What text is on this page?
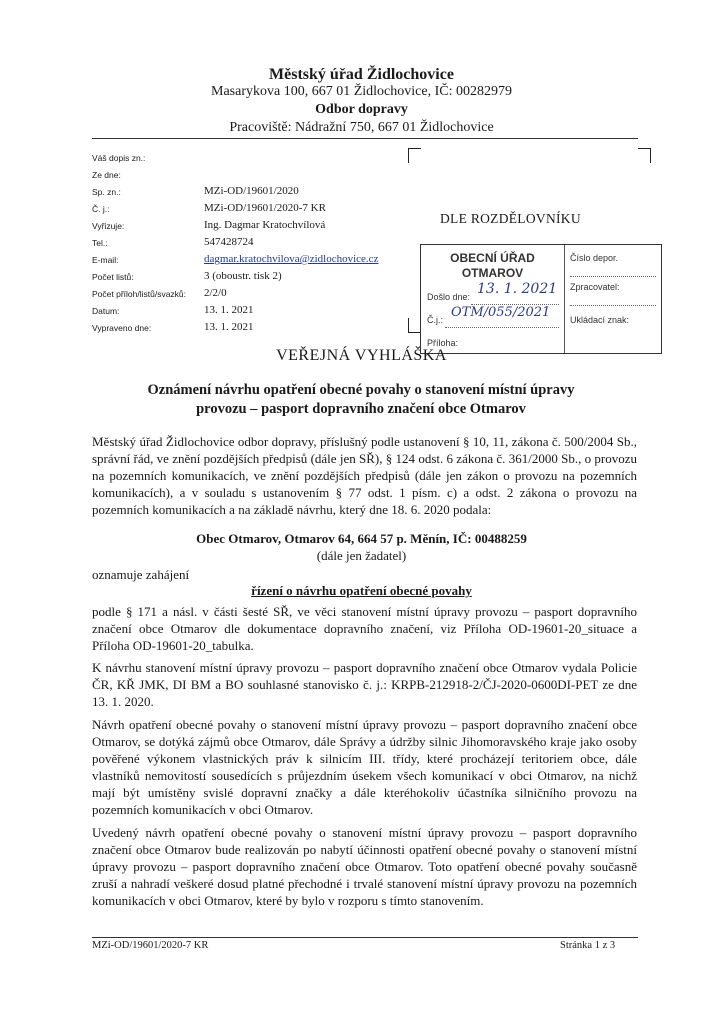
Městský úřad Židlochovice
Masarykova 100, 667 01 Židlochovice, IČ: 00282979
Odbor dopravy
Pracoviště: Nádražní 750, 667 01 Židlochovice
Váš dopis zn.:
Ze dne:
Sp. zn.:	MZi-OD/19601/2020
Č. j.:	MZi-OD/19601/2020-7 KR
Vyřizuje:	Ing. Dagmar Kratochvílová
Tel.:	547428724
E-mail:	dagmar.kratochvilova@zidlochovice.cz
Počet listů:	3 (oboustr. tisk 2)
Počet příloh/listů/svazků: 2/2/0
Datum:	13. 1. 2021
Vypraveno dne:	13. 1. 2021
DLE ROZDĚLOVNÍKU
OBECNÍ ÚŘAD
OTMAROV
Došlo dne: 13. 1. 2021
Č.j.: OTM/055/2021
Příloha:
Číslo depor.
Zpracovatel:
Ukládací znak:
VEŘEJNÁ VYHLÁŠKA
Oznámení návrhu opatření obecné povahy o stanovení místní úpravy
provozu – pasport dopravního značení obce Otmarov
Městský úřad Židlochovice odbor dopravy, příslušný podle ustanovení § 10, 11, zákona č. 500/2004 Sb., správní řád, ve znění pozdějších předpisů (dále jen SŘ), § 124 odst. 6 zákona č. 361/2000 Sb., o provozu na pozemních komunikacích, ve znění pozdějších předpisů (dále jen zákon o provozu na pozemních komunikacích), a v souladu s ustanovením § 77 odst. 1 písm. c) a odst. 2 zákona o provozu na pozemních komunikacích a na základě návrhu, který dne 18. 6. 2020 podala:
Obec Otmarov, Otmarov 64, 664 57 p. Měnín, IČ: 00488259
(dále jen žadatel)
oznamuje zahájení
řízení o návrhu opatření obecné povahy
podle § 171 a násl. v části šesté SŘ, ve věci stanovení místní úpravy provozu – pasport dopravního značení obce Otmarov dle dokumentace dopravního značení, viz Příloha OD-19601-20_situace a Příloha OD-19601-20_tabulka.
K návrhu stanovení místní úpravy provozu – pasport dopravního značení obce Otmarov vydala Policie ČR, KŘ JMK, DI BM a BO souhlasné stanovisko č. j.: KRPB-212918-2/ČJ-2020-0600DI-PET ze dne 13. 1. 2020.
Návrh opatření obecné povahy o stanovení místní úpravy provozu – pasport dopravního značení obce Otmarov, se dotýká zájmů obce Otmarov, dále Správy a údržby silnic Jihomoravského kraje jako osoby pověřené výkonem vlastnických práv k silnicím III. třídy, které procházejí teritoriem obce, dále vlastníků nemovitostí sousedících s průjezdním úsekem všech komunikací v obci Otmarov, na nichž mají být umístěny svislé dopravní značky a dále kteréhokoliv účastníka silničního provozu na pozemních komunikacích v obci Otmarov.
Uvedený návrh opatření obecné povahy o stanovení místní úpravy provozu – pasport dopravního značení obce Otmarov bude realizován po nabytí účinnosti opatření obecné povahy o stanovení místní úpravy provozu – pasport dopravního značení obce Otmarov. Toto opatření obecné povahy současně zruší a nahradí veškeré dosud platné přechodné i trvalé stanovení místní úpravy provozu na pozemních komunikacích v obci Otmarov, které by bylo v rozporu s tímto stanovením.
MZi-OD/19601/2020-7 KR	Stránka 1 z 3
